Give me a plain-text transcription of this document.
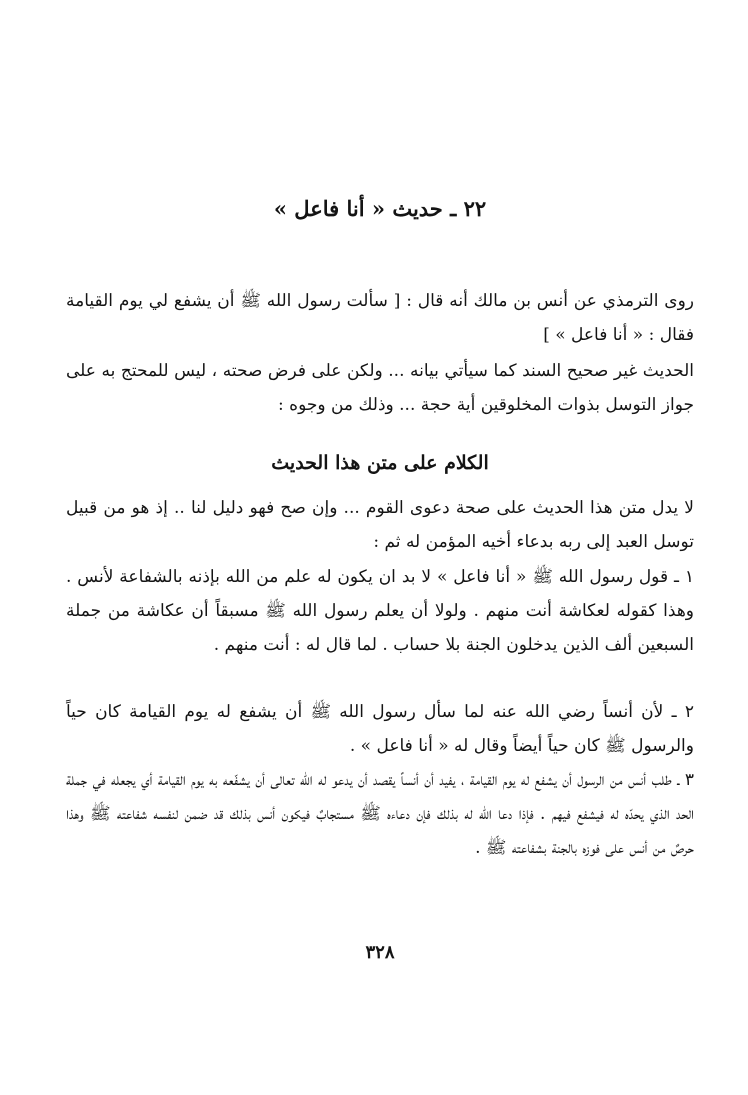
٢٢ ـ حديث « أنا فاعل »

روى الترمذي عن أنس بن مالك أنه قال : [ سألت رسول الله ﷺ أن يشفع لي يوم القيامة فقال : « أنا فاعل » ]

الحديث غير صحيح السند كما سيأتي بيانه ... ولكن على فرض صحته ، ليس للمحتج به على جواز التوسل بذوات المخلوقين أية حجة ... وذلك من وجوه :

الكلام على متن هذا الحديث

لا يدل متن هذا الحديث على صحة دعوى القوم ... وإن صح فهو دليل لنا .. إذ هو من قبيل توسل العبد إلى ربه بدعاء أخيه المؤمن له ثم :

١ ـ قول رسول الله ﷺ « أنا فاعل » لا بد ان يكون له علم من الله بإذنه بالشفاعة لأنس . وهذا كقوله لعكاشة أنت منهم . ولولا أن يعلم رسول الله ﷺ مسبقاً أن عكاشة من جملة السبعين ألف الذين يدخلون الجنة بلا حساب . لما قال له : أنت منهم .

٢ ـ لأن أنساً رضي الله عنه لما سأل رسول الله ﷺ أن يشفع له يوم القيامة كان حياً والرسول ﷺ كان حياً أيضاً وقال له « أنا فاعل » .

٣ ـ طلب أنس من الرسول أن يشفع له يوم القيامة ، يفيد أن أنساً يقصد أن يدعو له الله تعالى أن يشفّعه به يوم القيامة أي يجعله في جملة الحد الذي يحدّه له فيشفع فيهم . فإذا دعا الله له بذلك فإن دعاءه ﷺ مستجابٌ فيكون أنس بذلك قد ضمن لنفسه شفاعته ﷺ وهذا حرصٌ من أنس على فوزه بالجنة بشفاعته ﷺ .

٣٢٨
